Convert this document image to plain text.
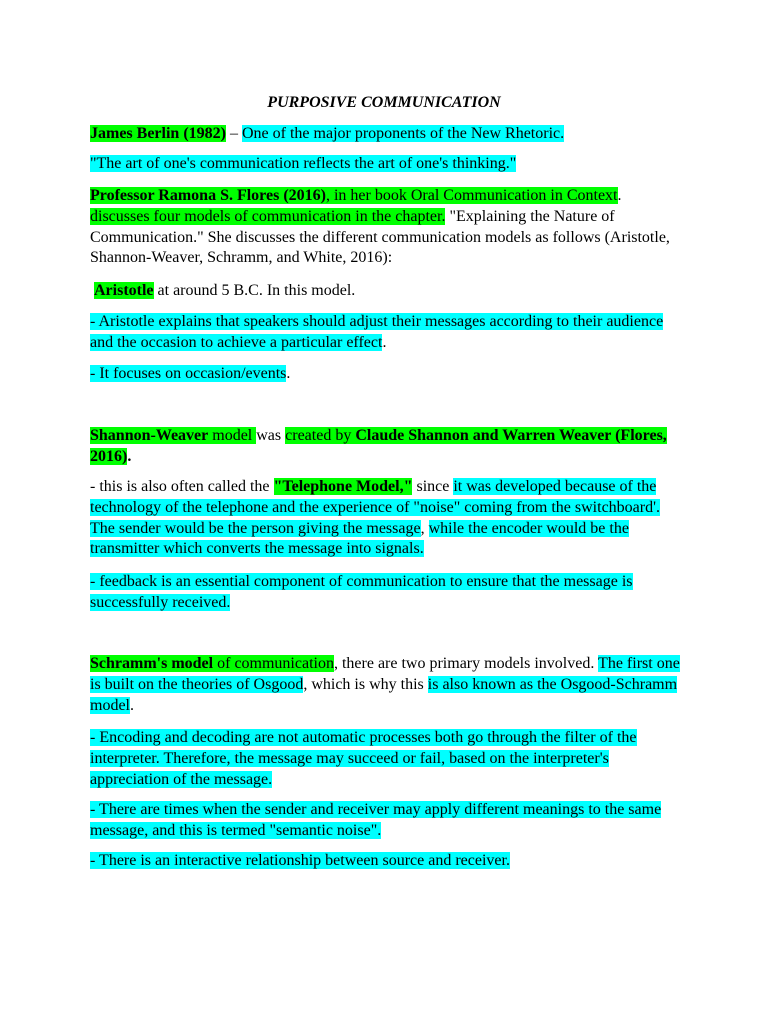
PURPOSIVE COMMUNICATION

James Berlin (1982) – One of the major proponents of the New Rhetoric.

"The art of one's communication reflects the art of one's thinking."

Professor Ramona S. Flores (2016), in her book Oral Communication in Context. discusses four models of communication in the chapter. "Explaining the Nature of Communication." She discusses the different communication models as follows (Aristotle, Shannon-Weaver, Schramm, and White, 2016):

Aristotle at around 5 B.C. In this model.

- Aristotle explains that speakers should adjust their messages according to their audience and the occasion to achieve a particular effect.

- It focuses on occasion/events.

Shannon-Weaver model was created by Claude Shannon and Warren Weaver (Flores, 2016).

- this is also often called the "Telephone Model," since it was developed because of the technology of the telephone and the experience of "noise" coming from the switchboard'. The sender would be the person giving the message, while the encoder would be the transmitter which converts the message into signals.

- feedback is an essential component of communication to ensure that the message is successfully received.

Schramm's model of communication, there are two primary models involved. The first one is built on the theories of Osgood, which is why this is also known as the Osgood-Schramm model.

- Encoding and decoding are not automatic processes both go through the filter of the interpreter. Therefore, the message may succeed or fail, based on the interpreter's appreciation of the message.

- There are times when the sender and receiver may apply different meanings to the same message, and this is termed "semantic noise".

- There is an interactive relationship between source and receiver.
